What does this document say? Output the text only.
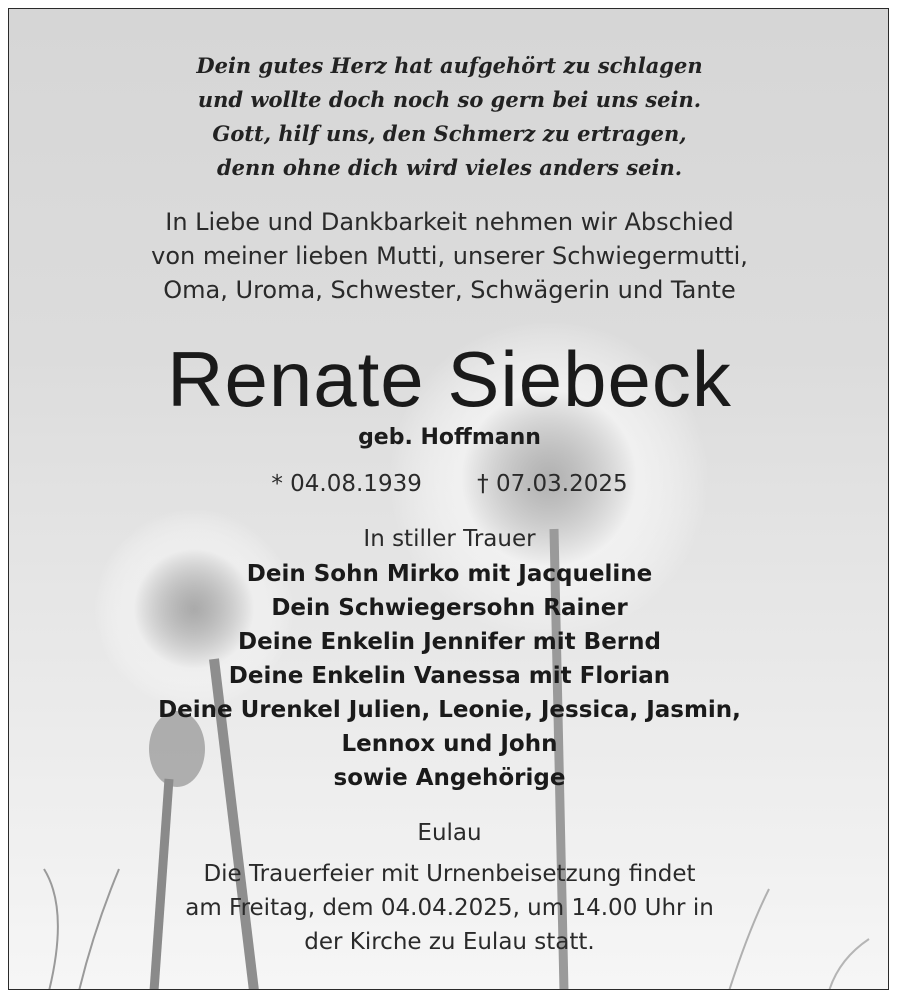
Dein gutes Herz hat aufgehört zu schlagen
und wollte doch noch so gern bei uns sein.
Gott, hilf uns, den Schmerz zu ertragen,
denn ohne dich wird vieles anders sein.
In Liebe und Dankbarkeit nehmen wir Abschied
von meiner lieben Mutti, unserer Schwiegermutti,
Oma, Uroma, Schwester, Schwägerin und Tante
Renate Siebeck
geb. Hoffmann
* 04.08.1939 † 07.03.2025
In stiller Trauer
Dein Sohn Mirko mit Jacqueline
Dein Schwiegersohn Rainer
Deine Enkelin Jennifer mit Bernd
Deine Enkelin Vanessa mit Florian
Deine Urenkel Julien, Leonie, Jessica, Jasmin,
Lennox und John
sowie Angehörige
Eulau
Die Trauerfeier mit Urnenbeisetzung findet
am Freitag, dem 04.04.2025, um 14.00 Uhr in
der Kirche zu Eulau statt.
